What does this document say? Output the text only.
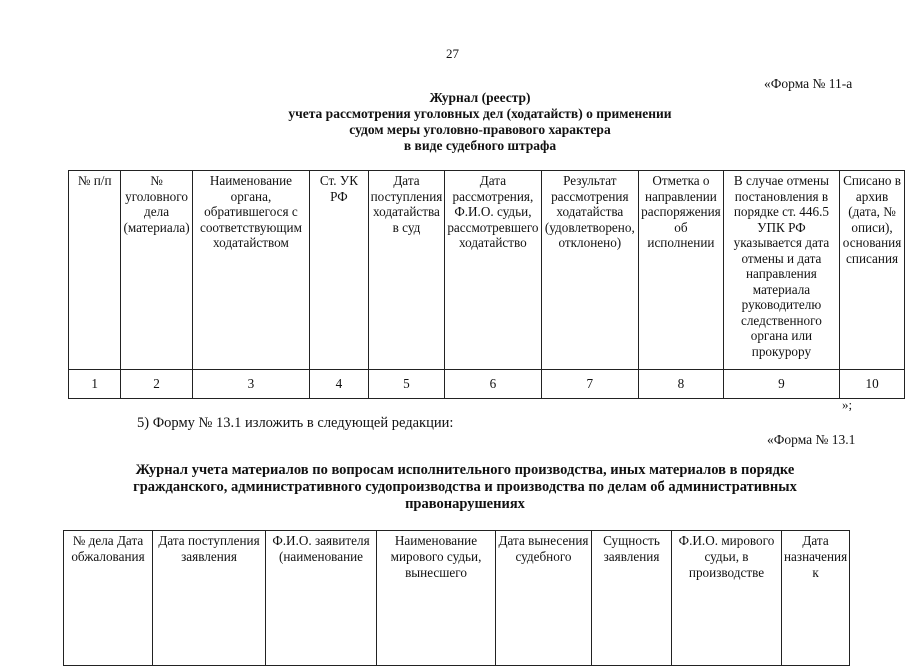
27
«Форма № 11-а
Журнал (реестр)
учета рассмотрения уголовных дел (ходатайств) о применении
судом меры уголовно-правового характера
в виде судебного штрафа
№ п/п	№ уголовного дела (материала)	Наименование органа, обратившегося с соответствующим ходатайством	Ст. УК РФ	Дата поступления ходатайства в суд	Дата рассмотрения, Ф.И.О. судьи, рассмотревшего ходатайство	Результат рассмотрения ходатайства (удовлетворено, отклонено)	Отметка о направлении распоряжения об исполнении	В случае отмены постановления в порядке ст. 446.5 УПК РФ указывается дата отмены и дата направления материала руководителю следственного органа или прокурору	Списано в архив (дата, № описи), основания списания
1	2	3	4	5	6	7	8	9	10
»;
5) Форму № 13.1 изложить в следующей редакции:
«Форма № 13.1
Журнал учета материалов по вопросам исполнительного производства, иных материалов в порядке
гражданского, административного судопроизводства и производства по делам об административных
правонарушениях
№ дела Дата обжалования	Дата поступления заявления	Ф.И.О. заявителя (наименование	Наименование мирового судьи, вынесшего	Дата вынесения судебного	Сущность заявления	Ф.И.О. мирового судьи, в производстве	Дата назначения к
